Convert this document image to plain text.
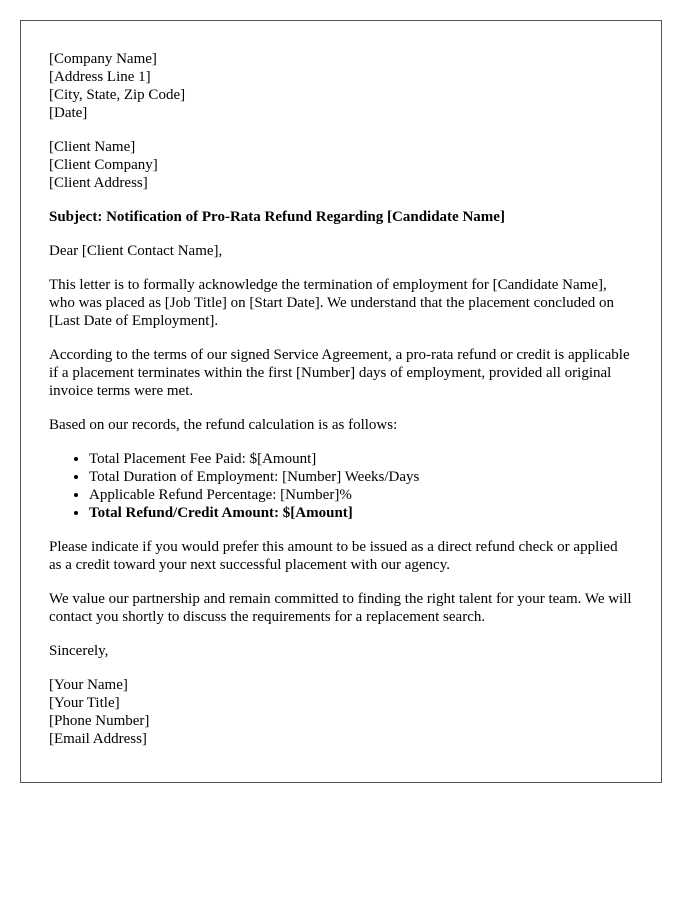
[Company Name]
[Address Line 1]
[City, State, Zip Code]
[Date]
[Client Name]
[Client Company]
[Client Address]

Subject: Notification of Pro-Rata Refund Regarding [Candidate Name]

Dear [Client Contact Name],

This letter is to formally acknowledge the termination of employment for [Candidate Name], who was placed as [Job Title] on [Start Date]. We understand that the placement concluded on [Last Date of Employment].

According to the terms of our signed Service Agreement, a pro-rata refund or credit is applicable if a placement terminates within the first [Number] days of employment, provided all original invoice terms were met.

Based on our records, the refund calculation is as follows:

• Total Placement Fee Paid: $[Amount]
• Total Duration of Employment: [Number] Weeks/Days
• Applicable Refund Percentage: [Number]%
• Total Refund/Credit Amount: $[Amount]

Please indicate if you would prefer this amount to be issued as a direct refund check or applied as a credit toward your next successful placement with our agency.

We value our partnership and remain committed to finding the right talent for your team. We will contact you shortly to discuss the requirements for a replacement search.

Sincerely,

[Your Name]
[Your Title]
[Phone Number]
[Email Address]
